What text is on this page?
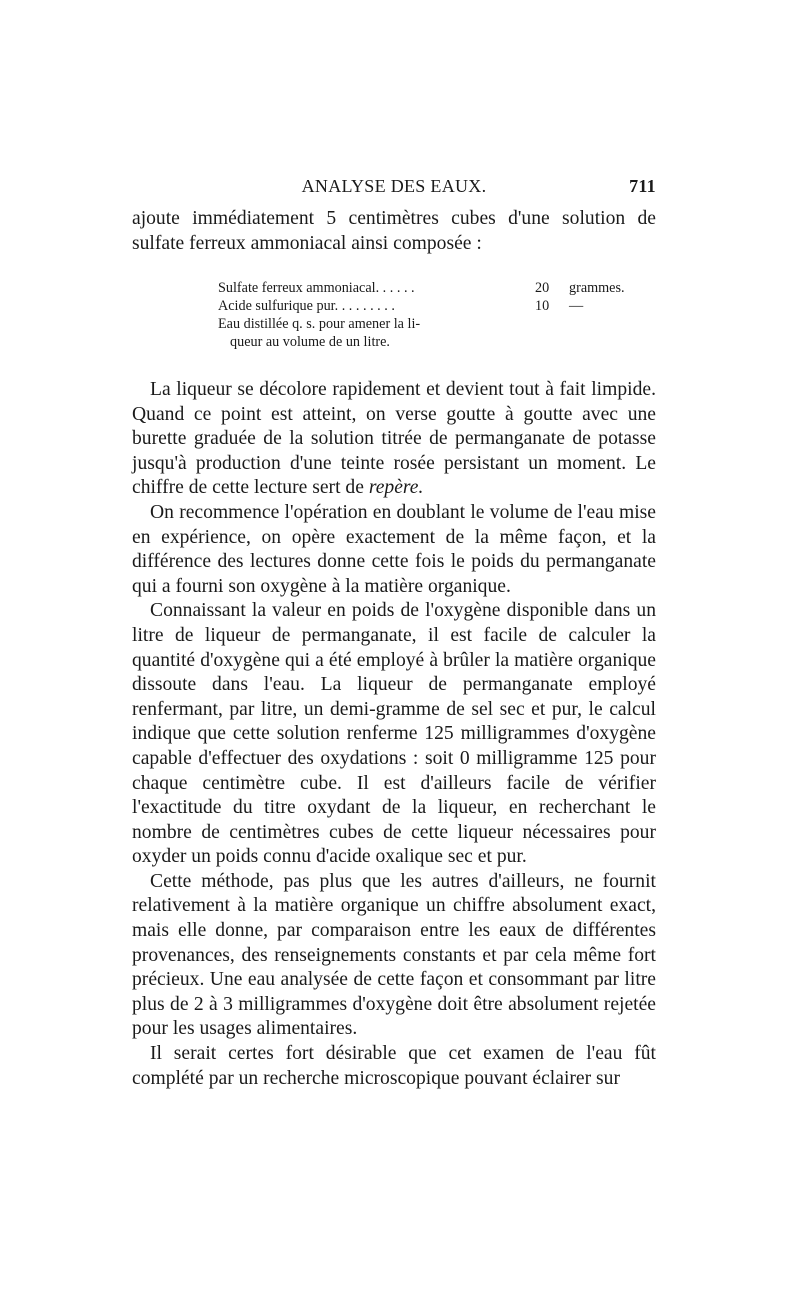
ANALYSE DES EAUX.	711

ajoute immédiatement 5 centimètres cubes d'une solution de sulfate ferreux ammoniacal ainsi composée :

Sulfate ferreux ammoniacal. . . . . .	20	grammes.
Acide sulfurique pur. . . . . . . . .	10	—
Eau distillée q. s. pour amener la li-
queur au volume de un litre.

La liqueur se décolore rapidement et devient tout à fait limpide. Quand ce point est atteint, on verse goutte à goutte avec une burette graduée de la solution titrée de permanganate de potasse jusqu'à production d'une teinte rosée persistant un moment. Le chiffre de cette lecture sert de repère.

On recommence l'opération en doublant le volume de l'eau mise en expérience, on opère exactement de la même façon, et la différence des lectures donne cette fois le poids du permanganate qui a fourni son oxygène à la matière organique.

Connaissant la valeur en poids de l'oxygène disponible dans un litre de liqueur de permanganate, il est facile de calculer la quantité d'oxygène qui a été employé à brûler la matière organique dissoute dans l'eau. La liqueur de permanganate employé renfermant, par litre, un demi-gramme de sel sec et pur, le calcul indique que cette solution renferme 125 milligrammes d'oxygène capable d'effectuer des oxydations : soit 0 milligramme 125 pour chaque centimètre cube. Il est d'ailleurs facile de vérifier l'exactitude du titre oxydant de la liqueur, en recherchant le nombre de centimètres cubes de cette liqueur nécessaires pour oxyder un poids connu d'acide oxalique sec et pur.

Cette méthode, pas plus que les autres d'ailleurs, ne fournit relativement à la matière organique un chiffre absolument exact, mais elle donne, par comparaison entre les eaux de différentes provenances, des renseignements constants et par cela même fort précieux. Une eau analysée de cette façon et consommant par litre plus de 2 à 3 milligrammes d'oxygène doit être absolument rejetée pour les usages alimentaires.

Il serait certes fort désirable que cet examen de l'eau fût complété par un recherche microscopique pouvant éclairer sur
